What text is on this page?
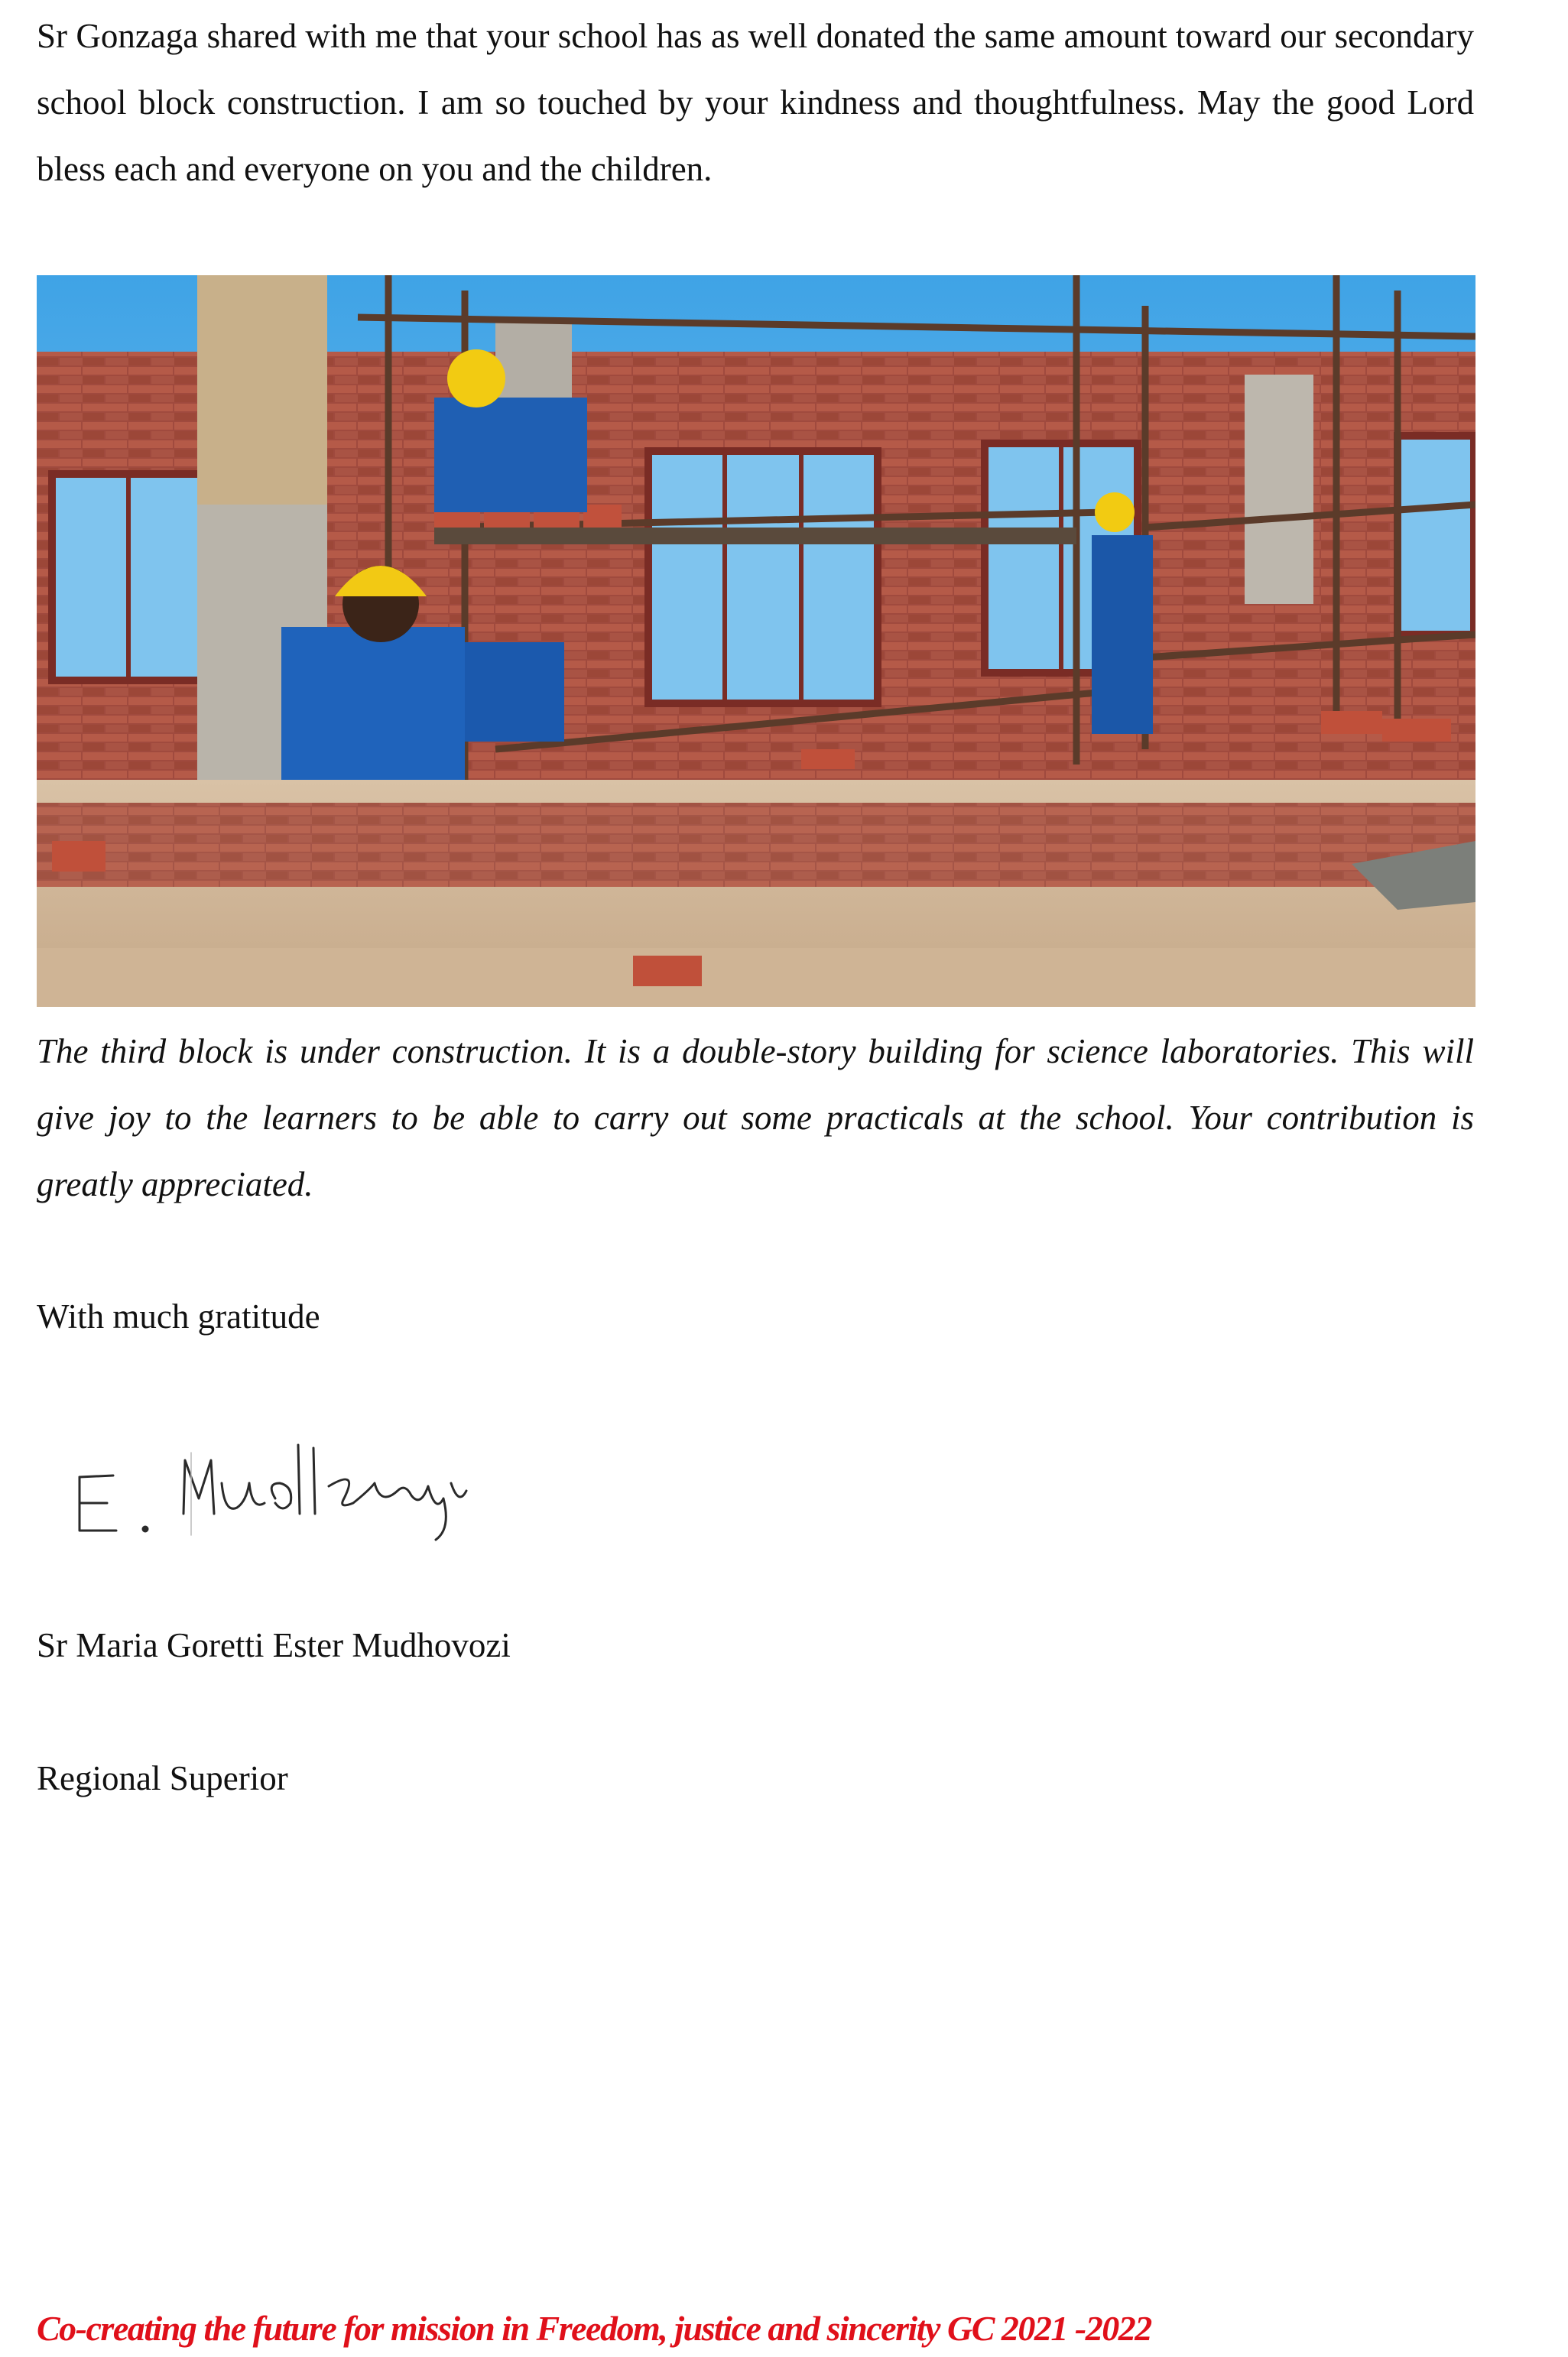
Sr Gonzaga shared with me that your school has as well donated the same amount toward our secondary school block construction. I am so touched by your kindness and thoughtfulness. May the good Lord bless each and everyone on you and the children.

The third block is under construction. It is a double-story building for science laboratories. This will give joy to the learners to be able to carry out some practicals at the school. Your contribution is greatly appreciated.

With much gratitude

Sr Maria Goretti Ester Mudhovozi

Regional Superior

Co-creating the future for mission in Freedom, justice and sincerity GC 2021 -2022
